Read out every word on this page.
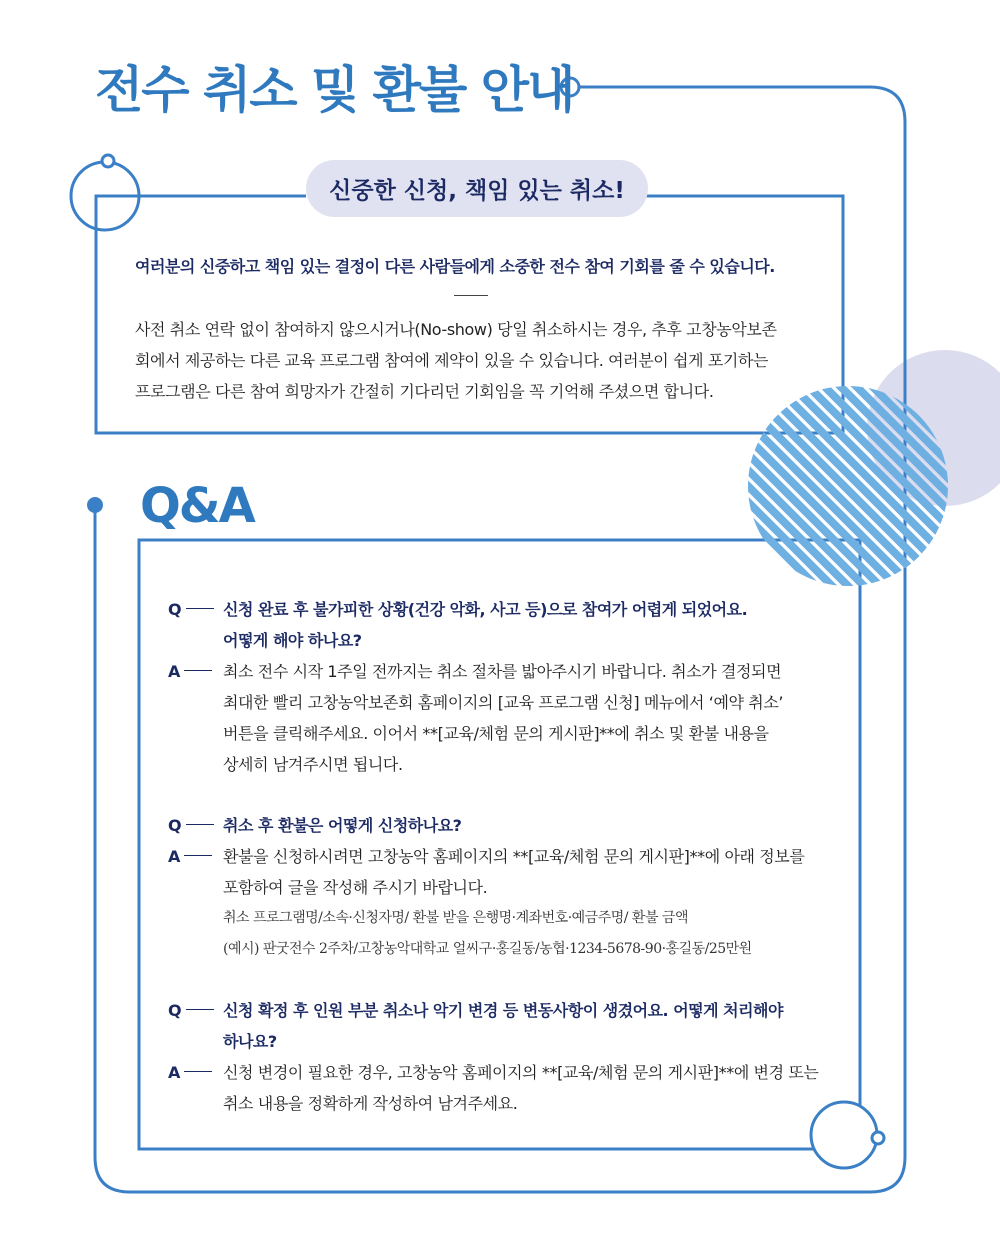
전수 취소 및 환불 안내
신중한 신청, 책임 있는 취소!
여러분의 신중하고 책임 있는 결정이 다른 사람들에게 소중한 전수 참여 기회를 줄 수 있습니다.

사전 취소 연락 없이 참여하지 않으시거나(No-show) 당일 취소하시는 경우, 추후 고창농악보존

회에서 제공하는 다른 교육 프로그램 참여에 제약이 있을 수 있습니다. 여러분이 쉽게 포기하는

프로그램은 다른 참여 희망자가 간절히 기다리던 기회임을 꼭 기억해 주셨으면 합니다.

Q&A
Q	신청 완료 후 불가피한 상황(건강 악화, 사고 등)으로 참여가 어렵게 되었어요.

어떻게 해야 하나요?

A	최소 전수 시작 1주일 전까지는 취소 절차를 밟아주시기 바랍니다. 취소가 결정되면

최대한 빨리 고창농악보존회 홈페이지의 [교육 프로그램 신청] 메뉴에서 ‘예약 취소’

버튼을 클릭해주세요. 이어서 **[교육/체험 문의 게시판]**에 취소 및 환불 내용을

상세히 남겨주시면 됩니다.

Q	취소 후 환불은 어떻게 신청하나요?

A	환불을 신청하시려면 고창농악 홈페이지의 **[교육/체험 문의 게시판]**에 아래 정보를

포함하여 글을 작성해 주시기 바랍니다.

취소 프로그램명/소속·신청자명/ 환불 받을 은행명·계좌번호·예금주명/ 환불 금액

(예시) 판굿전수 2주차/고창농악대학교 얼씨구·홍길동/농협·1234-5678-90·홍길동/25만원

Q	신청 확정 후 인원 부분 취소나 악기 변경 등 변동사항이 생겼어요. 어떻게 처리해야

하나요?

A	신청 변경이 필요한 경우, 고창농악 홈페이지의 **[교육/체험 문의 게시판]**에 변경 또는

취소 내용을 정확하게 작성하여 남겨주세요.
